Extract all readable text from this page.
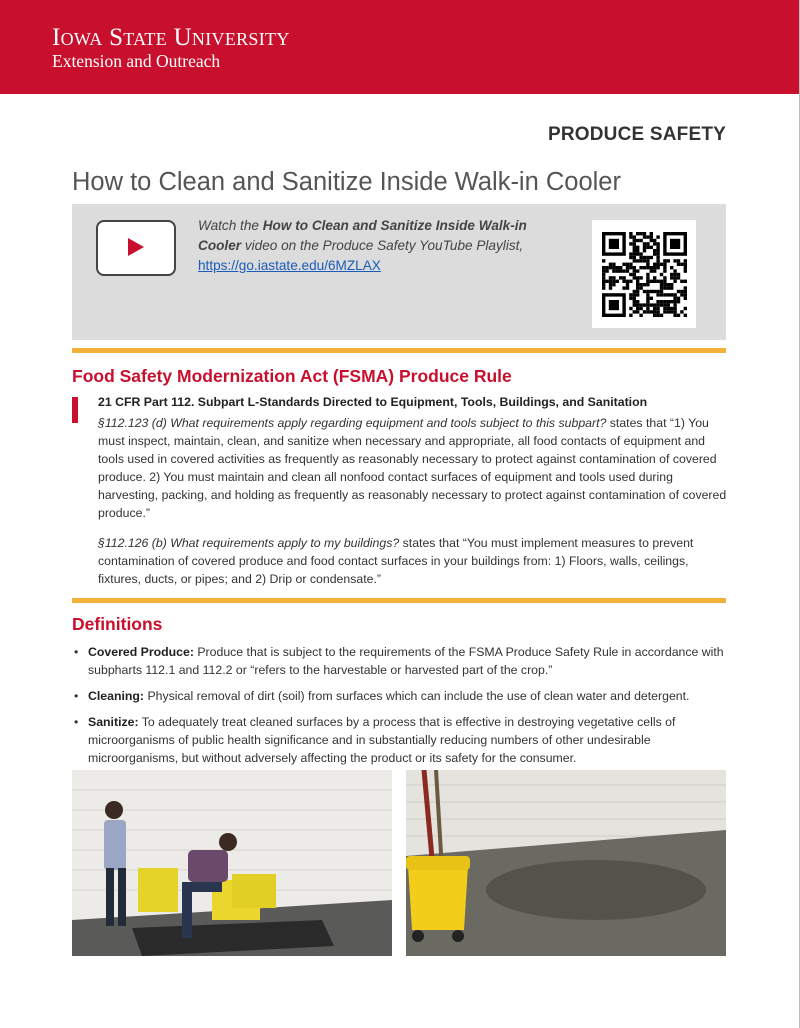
Iowa State University
Extension and Outreach
PRODUCE SAFETY
How to Clean and Sanitize Inside Walk-in Cooler
Watch the How to Clean and Sanitize Inside Walk-in Cooler video on the Produce Safety YouTube Playlist, https://go.iastate.edu/6MZLAX
Food Safety Modernization Act (FSMA) Produce Rule
21 CFR Part 112. Subpart L-Standards Directed to Equipment, Tools, Buildings, and Sanitation
§112.123 (d) What requirements apply regarding equipment and tools subject to this subpart? states that “1) You must inspect, maintain, clean, and sanitize when necessary and appropriate, all food contacts of equipment and tools used in covered activities as frequently as reasonably necessary to protect against contamination of covered produce. 2) You must maintain and clean all nonfood contact surfaces of equipment and tools used during harvesting, packing, and holding as frequently as reasonably necessary to protect against contamination of covered produce.”
§112.126 (b) What requirements apply to my buildings? states that “You must implement measures to prevent contamination of covered produce and food contact surfaces in your buildings from: 1) Floors, walls, ceilings, fixtures, ducts, or pipes; and 2) Drip or condensate.”
Definitions
• Covered Produce: Produce that is subject to the requirements of the FSMA Produce Safety Rule in accordance with subpharts 112.1 and 112.2 or “refers to the harvestable or harvested part of the crop.”
• Cleaning: Physical removal of dirt (soil) from surfaces which can include the use of clean water and detergent.
• Sanitize: To adequately treat cleaned surfaces by a process that is effective in destroying vegetative cells of microorganisms of public health significance and in substantially reducing numbers of other undesirable microorganisms, but without adversely affecting the product or its safety for the consumer.
